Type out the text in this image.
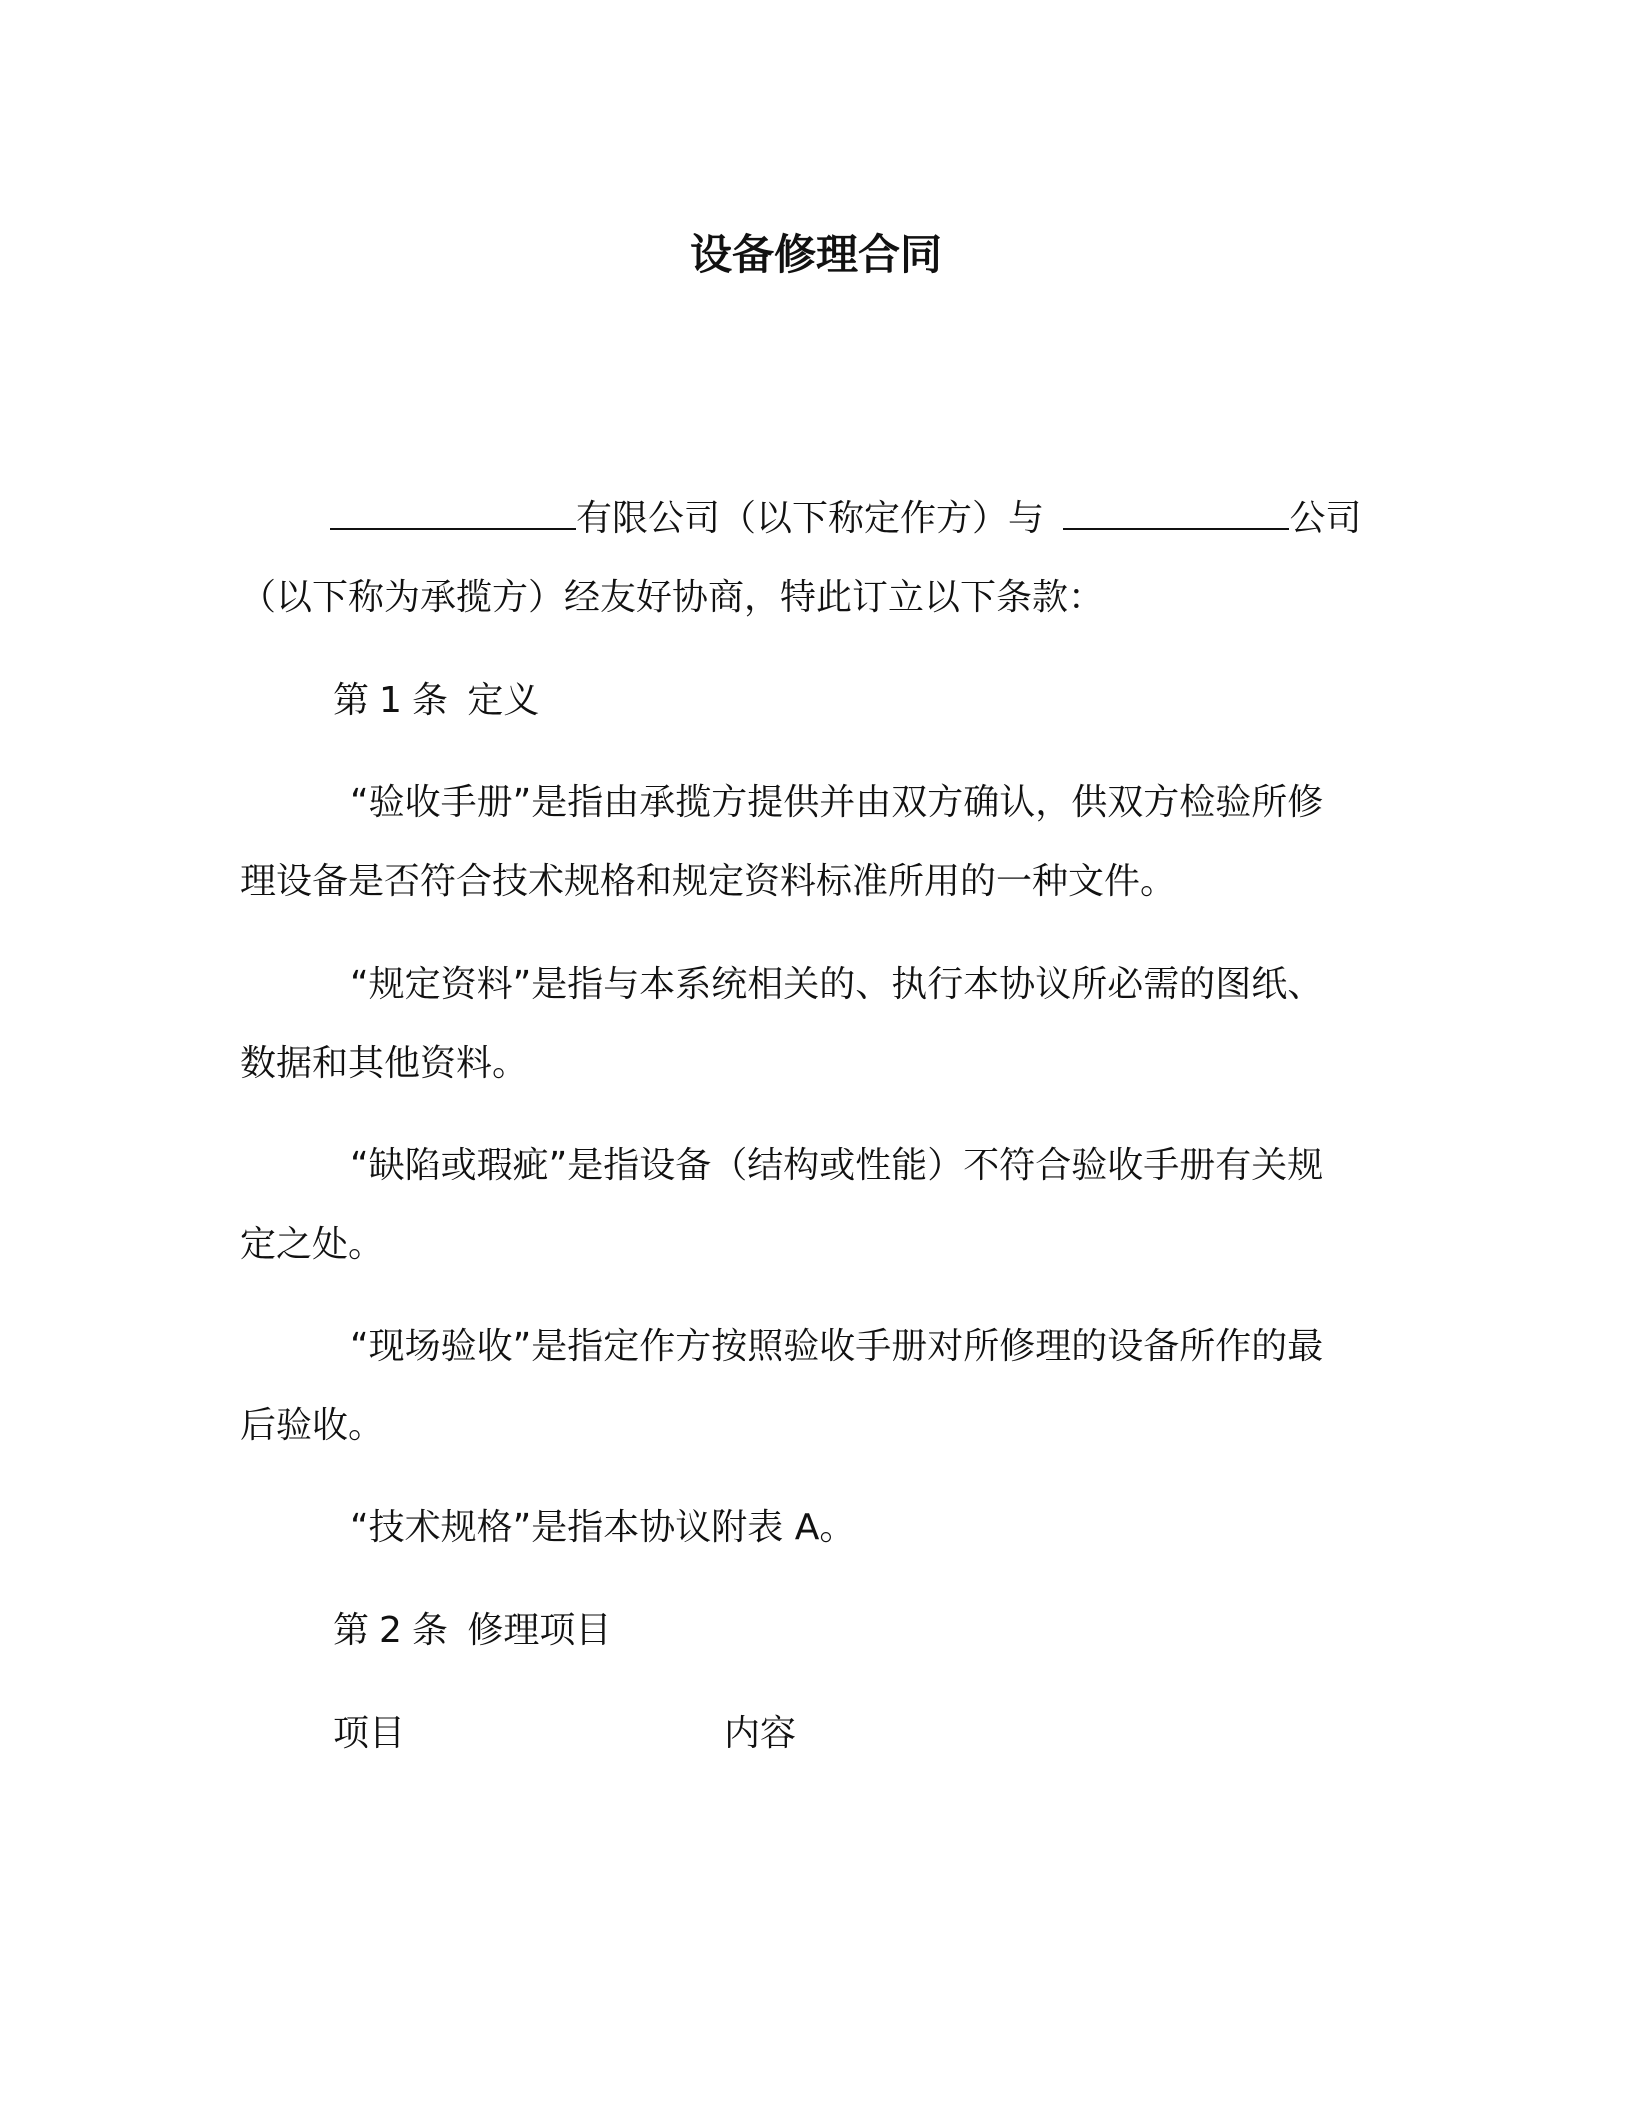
设备修理合同
有限公司（以下称定作方）与	公司
（以下称为承揽方）经友好协商，特此订立以下条款：
第 1 条 定义
“验收手册”是指由承揽方提供并由双方确认，供双方检验所修
理设备是否符合技术规格和规定资料标准所用的一种文件。
“规定资料”是指与本系统相关的、执行本协议所必需的图纸、
数据和其他资料。
“缺陷或瑕疵”是指设备（结构或性能）不符合验收手册有关规
定之处。
“现场验收”是指定作方按照验收手册对所修理的设备所作的最
后验收。
“技术规格”是指本协议附表 A。
第 2 条 修理项目
项目	内容
